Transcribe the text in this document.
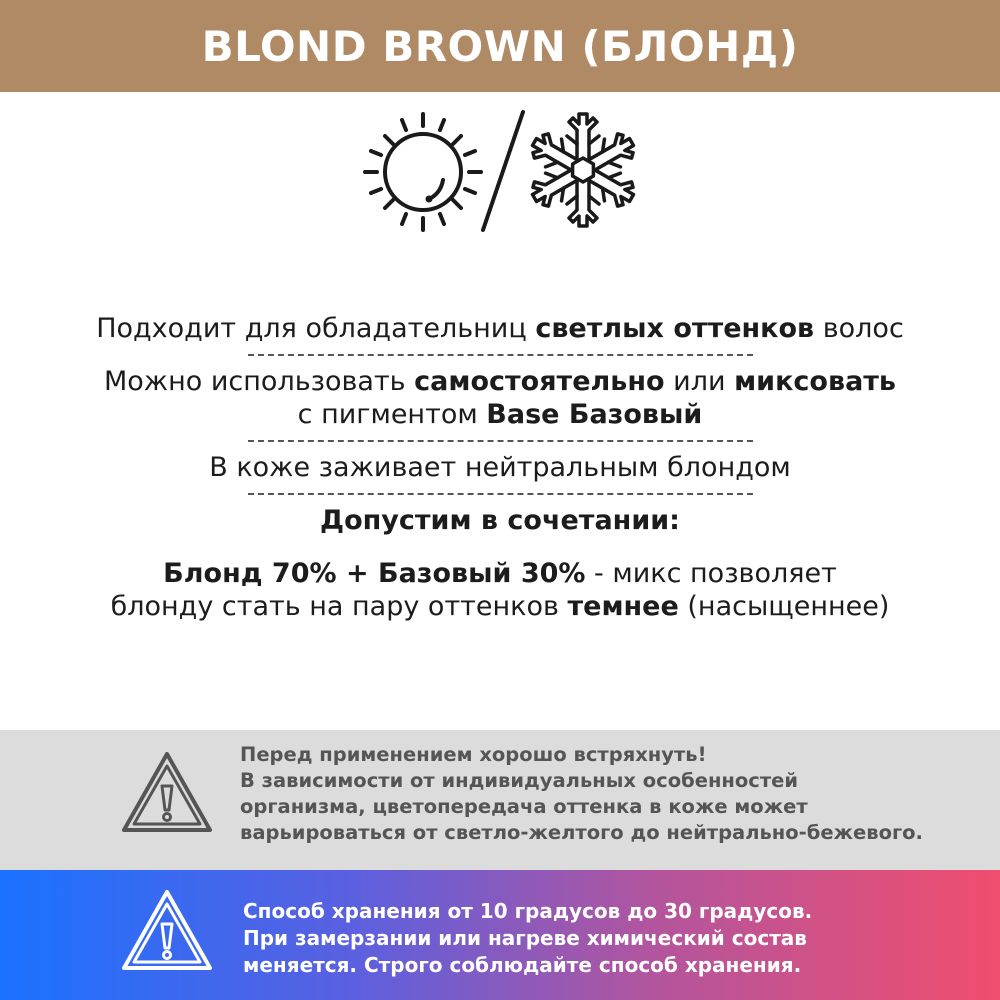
BLOND BROWN (БЛОНД)
Подходит для обладательниц светлых оттенков волос
Можно использовать самостоятельно или миксовать
с пигментом Base Базовый
В коже заживает нейтральным блондом
Допустим в сочетании:
Блонд 70% + Базовый 30% - микс позволяет
блонду стать на пару оттенков темнее (насыщеннее)
Перед применением хорошо встряхнуть!
В зависимости от индивидуальных особенностей
организма, цветопередача оттенка в коже может
варьироваться от светло-желтого до нейтрально-бежевого.
Способ хранения от 10 градусов до 30 градусов.
При замерзании или нагреве химический состав
меняется. Строго соблюдайте способ хранения.
